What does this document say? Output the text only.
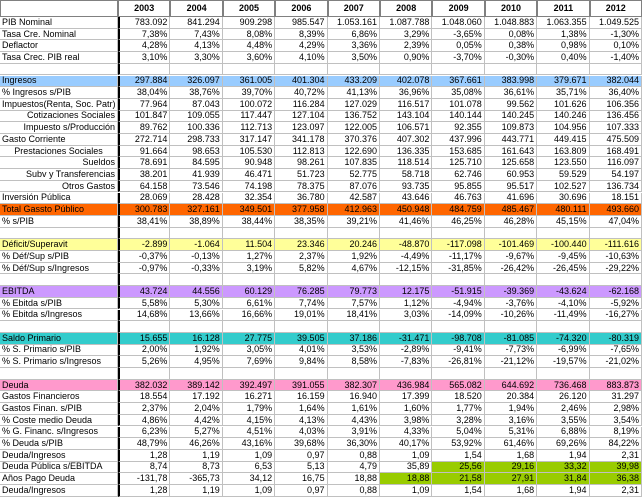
2003	2004	2005	2006	2007	2008	2009	2010	2011	2012
PIB Nominal	783.092	841.294	909.298	985.547	1.053.161	1.087.788	1.048.060	1.048.883	1.063.355	1.049.525
Tasa Cre. Nominal	7,38%	7,43%	8,08%	8,39%	6,86%	3,29%	-3,65%	0,08%	1,38%	-1,30%
Deflactor	4,28%	4,13%	4,48%	4,29%	3,36%	2,39%	0,05%	0,38%	0,98%	0,10%
Tasa Crec. PIB real	3,10%	3,30%	3,60%	4,10%	3,50%	0,90%	-3,70%	-0,30%	0,40%	-1,40%
Ingresos	297.884	326.097	361.005	401.304	433.209	402.078	367.661	383.998	379.671	382.044
% Ingresos s/PIB	38,04%	38,76%	39,70%	40,72%	41,13%	36,96%	35,08%	36,61%	35,71%	36,40%
Impuestos(Renta, Soc. Patr)	77.964	87.043	100.072	116.284	127.029	116.517	101.078	99.562	101.626	106.356
Cotizaciones Sociales	101.847	109.055	117.447	127.104	136.752	143.104	140.144	140.245	140.246	136.456
Impuesto s/Producción	89.762	100.336	112.713	123.097	122.005	106.571	92.355	109.873	104.956	107.333
Gasto Corriente	272.714	298.733	317.147	341.178	370.376	407.302	437.996	443.771	449.415	475.509
Prestaciones Sociales	91.664	98.653	105.530	112.813	122.690	136.335	153.685	161.643	163.809	168.491
Sueldos	78.691	84.595	90.948	98.261	107.835	118.514	125.710	125.658	123.550	116.097
Subv y Transferencias	38.201	41.939	46.471	51.723	52.775	58.718	62.746	60.953	59.529	54.197
Otros Gastos	64.158	73.546	74.198	78.375	87.076	93.735	95.855	95.517	102.527	136.734
Inversión Pública	28.069	28.428	32.354	36.780	42.587	43.646	46.763	41.696	30.696	18.151
Total Gassto Público	300.783	327.161	349.501	377.958	412.963	450.948	484.759	485.467	480.111	493.660
% s/PIB	38,41%	38,89%	38,44%	38,35%	39,21%	41,46%	46,25%	46,28%	45,15%	47,04%
Déficit/Superavit	-2.899	-1.064	11.504	23.346	20.246	-48.870	-117.098	-101.469	-100.440	-111.616
% Déf/Sup s/PIB	-0,37%	-0,13%	1,27%	2,37%	1,92%	-4,49%	-11,17%	-9,67%	-9,45%	-10,63%
% Déf/Sup s/Ingresos	-0,97%	-0,33%	3,19%	5,82%	4,67%	-12,15%	-31,85%	-26,42%	-26,45%	-29,22%
EBITDA	43.724	44.556	60.129	76.285	79.773	12.175	-51.915	-39.369	-43.624	-62.168
% Ebitda s/PIB	5,58%	5,30%	6,61%	7,74%	7,57%	1,12%	-4,94%	-3,76%	-4,10%	-5,92%
% Ebitda s/Ingresos	14,68%	13,66%	16,66%	19,01%	18,41%	3,03%	-14,09%	-10,26%	-11,49%	-16,27%
Saldo Primario	15.655	16.128	27.775	39.505	37.186	-31.471	-98.708	-81.085	-74.320	-80.319
% S. Primario s/PIB	2,00%	1,92%	3,05%	4,01%	3,53%	-2,89%	-9,41%	-7,73%	-6,99%	-7,65%
% S. Primario s/Ingresos	5,26%	4,95%	7,69%	9,84%	8,58%	-7,83%	-26,81%	-21,12%	-19,57%	-21,02%
Deuda	382.032	389.142	392.497	391.055	382.307	436.984	565.082	644.692	736.468	883.873
Gastos Financieros	18.554	17.192	16.271	16.159	16.940	17.399	18.520	20.384	26.120	31.297
Gastos Finan. s/PIB	2,37%	2,04%	1,79%	1,64%	1,61%	1,60%	1,77%	1,94%	2,46%	2,98%
% Coste medio Deuda	4,86%	4,42%	4,15%	4,13%	4,43%	3,98%	3,28%	3,16%	3,55%	3,54%
% G. Financ. s/Ingresos	6,23%	5,27%	4,51%	4,03%	3,91%	4,33%	5,04%	5,31%	6,88%	8,19%
% Deuda s/PIB	48,79%	46,26%	43,16%	39,68%	36,30%	40,17%	53,92%	61,46%	69,26%	84,22%
Deuda/Ingresos	1,28	1,19	1,09	0,97	0,88	1,09	1,54	1,68	1,94	2,31
Deuda Pública s/EBITDA	8,74	8,73	6,53	5,13	4,79	35,89	25,56	29,16	33,32	39,98
Años Pago Deuda	-131,78	-365,73	34,12	16,75	18,88	18,88	21,58	27,91	31,84	36,38
Deuda/Ingresos	1,28	1,19	1,09	0,97	0,88	1,09	1,54	1,68	1,94	2,31
